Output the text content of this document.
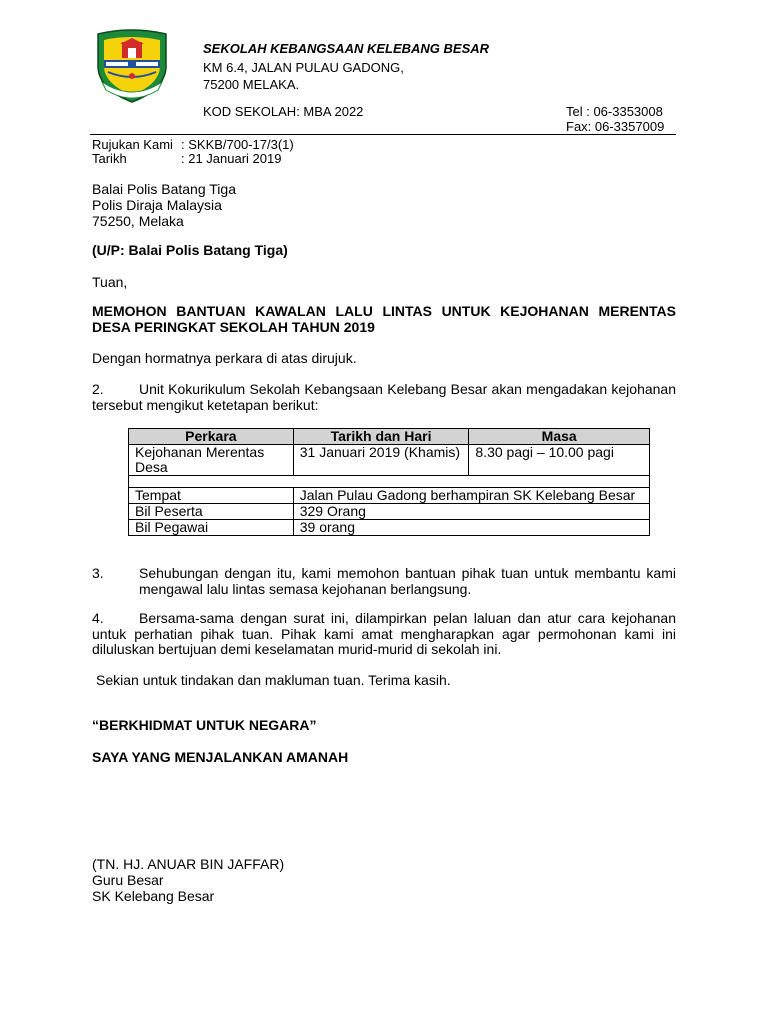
SEKOLAH KEBANGSAAN KELEBANG BESAR
KM 6.4, JALAN PULAU GADONG,
75200 MELAKA.
KOD SEKOLAH: MBA 2022	Tel : 06-3353008
Fax: 06-3357009
Rujukan Kami : SKKB/700-17/3(1)
Tarikh	: 21 Januari 2019
Balai Polis Batang Tiga
Polis Diraja Malaysia
75250, Melaka
(U/P: Balai Polis Batang Tiga)
Tuan,
MEMOHON BANTUAN KAWALAN LALU LINTAS UNTUK KEJOHANAN MERENTAS DESA PERINGKAT SEKOLAH TAHUN 2019
Dengan hormatnya perkara di atas dirujuk.
2.	Unit Kokurikulum Sekolah Kebangsaan Kelebang Besar akan mengadakan kejohanan tersebut mengikut ketetapan berikut:
Perkara	Tarikh dan Hari	Masa
Kejohanan Merentas Desa	31 Januari 2019 (Khamis)	8.30 pagi – 10.00 pagi

Tempat	Jalan Pulau Gadong berhampiran SK Kelebang Besar	
Bil Peserta	329 Orang	
Bil Pegawai	39 orang	
3.	Sehubungan dengan itu, kami memohon bantuan pihak tuan untuk membantu kami mengawal lalu lintas semasa kejohanan berlangsung.
4.	Bersama-sama dengan surat ini, dilampirkan pelan laluan dan atur cara kejohanan untuk perhatian pihak tuan. Pihak kami amat mengharapkan agar permohonan kami ini diluluskan bertujuan demi keselamatan murid-murid di sekolah ini.
Sekian untuk tindakan dan makluman tuan. Terima kasih.
“BERKHIDMAT UNTUK NEGARA”
SAYA YANG MENJALANKAN AMANAH
(TN. HJ. ANUAR BIN JAFFAR)
Guru Besar
SK Kelebang Besar
